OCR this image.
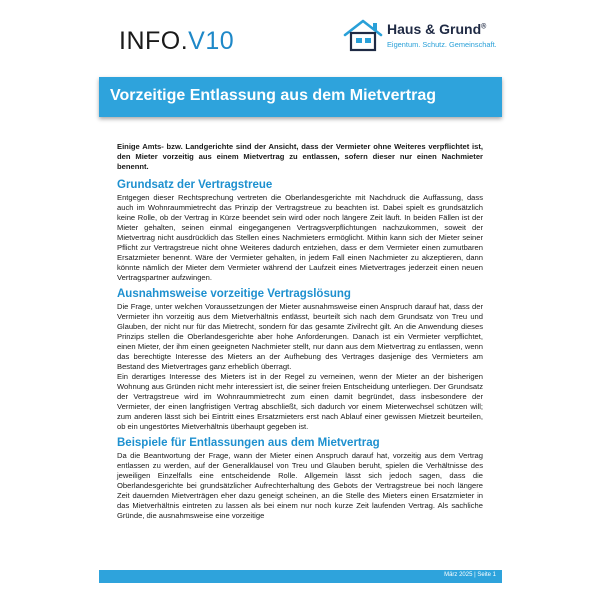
INFO.V10	Haus & Grund®
Eigentum. Schutz. Gemeinschaft.
Vorzeitige Entlassung aus dem Mietvertrag

Einige Amts- bzw. Landgerichte sind der Ansicht, dass der Vermieter ohne Weiteres verpflichtet ist, den Mieter vorzeitig aus einem Mietvertrag zu entlassen, sofern dieser nur einen Nachmieter benennt.

Grundsatz der Vertragstreue

Entgegen dieser Rechtsprechung vertreten die Oberlandesgerichte mit Nachdruck die Auffassung, dass auch im Wohnraummietrecht das Prinzip der Vertragstreue zu beachten ist. Dabei spielt es grundsätzlich keine Rolle, ob der Vertrag in Kürze beendet sein wird oder noch längere Zeit läuft. In beiden Fällen ist der Mieter gehalten, seinen einmal eingegangenen Vertragsverpflichtungen nachzukommen, soweit der Mietvertrag nicht ausdrücklich das Stellen eines Nachmieters ermöglicht. Mithin kann sich der Mieter seiner Pflicht zur Vertragstreue nicht ohne Weiteres dadurch entziehen, dass er dem Vermieter einen zumutbaren Ersatzmieter benennt. Wäre der Vermieter gehalten, in jedem Fall einen Nachmieter zu akzeptieren, dann könnte nämlich der Mieter dem Vermieter während der Laufzeit eines Mietvertrages jederzeit einen neuen Vertragspartner aufzwingen.

Ausnahmsweise vorzeitige Vertragslösung

Die Frage, unter welchen Voraussetzungen der Mieter ausnahmsweise einen Anspruch darauf hat, dass der Vermieter ihn vorzeitig aus dem Mietverhältnis entlässt, beurteilt sich nach dem Grundsatz von Treu und Glauben, der nicht nur für das Mietrecht, sondern für das gesamte Zivilrecht gilt. An die Anwendung dieses Prinzips stellen die Oberlandesgerichte aber hohe Anforderungen. Danach ist ein Vermieter verpflichtet, einen Mieter, der ihm einen geeigneten Nachmieter stellt, nur dann aus dem Mietvertrag zu entlassen, wenn das berechtigte Interesse des Mieters an der Aufhebung des Vertrages dasjenige des Vermieters am Bestand des Mietvertrages ganz erheblich überragt.

Ein derartiges Interesse des Mieters ist in der Regel zu verneinen, wenn der Mieter an der bisherigen Wohnung aus Gründen nicht mehr interessiert ist, die seiner freien Entscheidung unterliegen. Der Grundsatz der Vertragstreue wird im Wohnraummietrecht zum einen damit begründet, dass insbesondere der Vermieter, der einen langfristigen Vertrag abschließt, sich dadurch vor einem Mieterwechsel schützen will; zum anderen lässt sich bei Eintritt eines Ersatzmieters erst nach Ablauf einer gewissen Mietzeit beurteilen, ob ein ungestörtes Mietverhältnis überhaupt gegeben ist.

Beispiele für Entlassungen aus dem Mietvertrag

Da die Beantwortung der Frage, wann der Mieter einen Anspruch darauf hat, vorzeitig aus dem Vertrag entlassen zu werden, auf der Generalklausel von Treu und Glauben beruht, spielen die Verhältnisse des jeweiligen Einzelfalls eine entscheidende Rolle. Allgemein lässt sich jedoch sagen, dass die Oberlandesgerichte bei grundsätzlicher Aufrechterhaltung des Gebots der Vertragstreue bei noch längere Zeit dauernden Mietverträgen eher dazu geneigt scheinen, an die Stelle des Mieters einen Ersatzmieter in das Mietverhältnis eintreten zu lassen als bei einem nur noch kurze Zeit laufenden Vertrag. Als sachliche Gründe, die ausnahmsweise eine vorzeitige

März 2025 | Seite 1
